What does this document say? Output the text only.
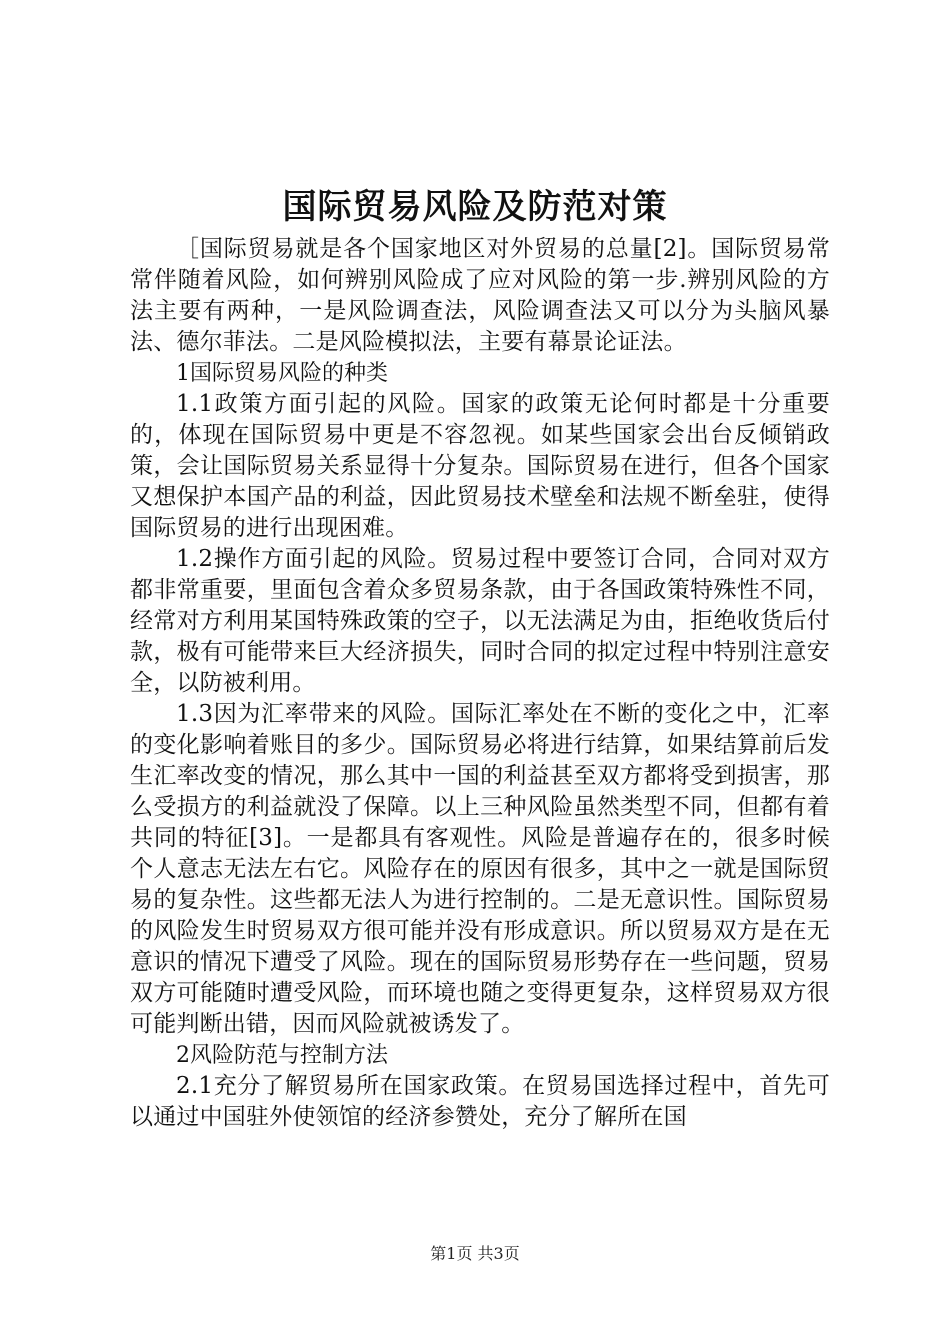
国际贸易风险及防范对策

［国际贸易就是各个国家地区对外贸易的总量[2]。国际贸易常常伴随着风险，如何辨别风险成了应对风险的第一步.辨别风险的方法主要有两种，一是风险调查法，风险调查法又可以分为头脑风暴法、德尔菲法。二是风险模拟法，主要有幕景论证法。

1国际贸易风险的种类

1.1政策方面引起的风险。国家的政策无论何时都是十分重要的，体现在国际贸易中更是不容忽视。如某些国家会出台反倾销政策，会让国际贸易关系显得十分复杂。国际贸易在进行，但各个国家又想保护本国产品的利益，因此贸易技术壁垒和法规不断垒驻，使得国际贸易的进行出现困难。

1.2操作方面引起的风险。贸易过程中要签订合同，合同对双方都非常重要，里面包含着众多贸易条款，由于各国政策特殊性不同，经常对方利用某国特殊政策的空子，以无法满足为由，拒绝收货后付款，极有可能带来巨大经济损失，同时合同的拟定过程中特别注意安全，以防被利用。

1.3因为汇率带来的风险。国际汇率处在不断的变化之中，汇率的变化影响着账目的多少。国际贸易必将进行结算，如果结算前后发生汇率改变的情况，那么其中一国的利益甚至双方都将受到损害，那么受损方的利益就没了保障。以上三种风险虽然类型不同，但都有着共同的特征[3]。一是都具有客观性。风险是普遍存在的，很多时候个人意志无法左右它。风险存在的原因有很多，其中之一就是国际贸易的复杂性。这些都无法人为进行控制的。二是无意识性。国际贸易的风险发生时贸易双方很可能并没有形成意识。所以贸易双方是在无意识的情况下遭受了风险。现在的国际贸易形势存在一些问题，贸易双方可能随时遭受风险，而环境也随之变得更复杂，这样贸易双方很可能判断出错，因而风险就被诱发了。

2风险防范与控制方法

2.1充分了解贸易所在国家政策。在贸易国选择过程中，首先可以通过中国驻外使领馆的经济参赞处，充分了解所在国

第1页 共3页
